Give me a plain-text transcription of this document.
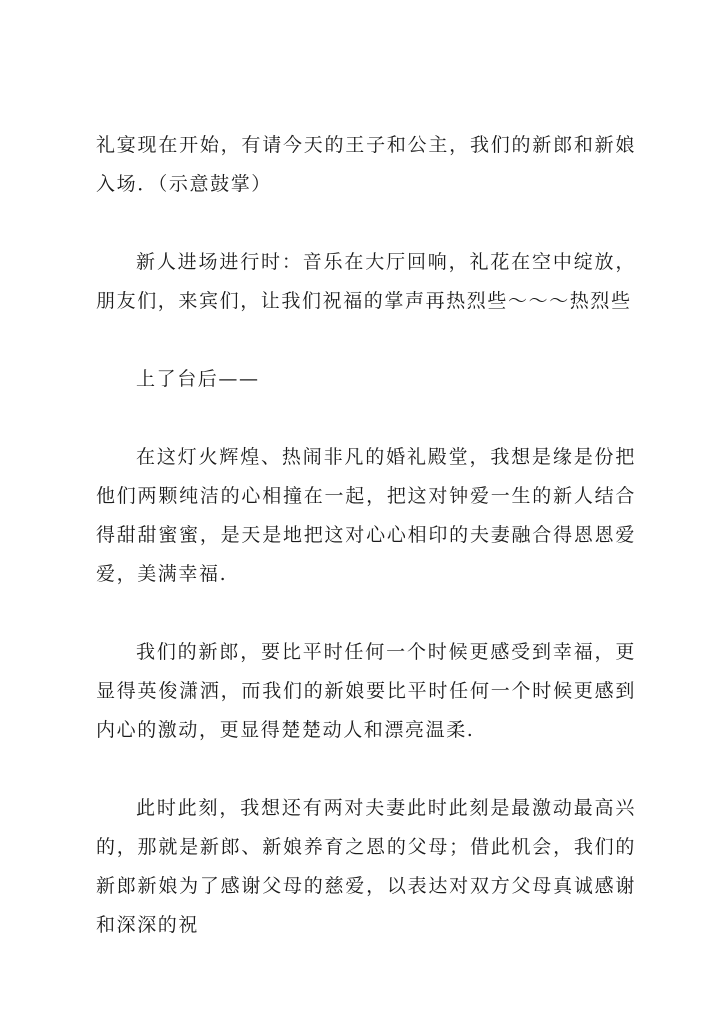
礼宴现在开始，有请今天的王子和公主，我们的新郎和新娘入场．（示意鼓掌）

新人进场进行时：音乐在大厅回响，礼花在空中绽放，朋友们，来宾们，让我们祝福的掌声再热烈些～～～热烈些

上了台后——

在这灯火辉煌、热闹非凡的婚礼殿堂，我想是缘是份把他们两颗纯洁的心相撞在一起，把这对钟爱一生的新人结合得甜甜蜜蜜，是天是地把这对心心相印的夫妻融合得恩恩爱爱，美满幸福.

我们的新郎，要比平时任何一个时候更感受到幸福，更显得英俊潇洒，而我们的新娘要比平时任何一个时候更感到内心的激动，更显得楚楚动人和漂亮温柔.

此时此刻，我想还有两对夫妻此时此刻是最激动最高兴的，那就是新郎、新娘养育之恩的父母；借此机会，我们的新郎新娘为了感谢父母的慈爱，以表达对双方父母真诚感谢和深深的祝
